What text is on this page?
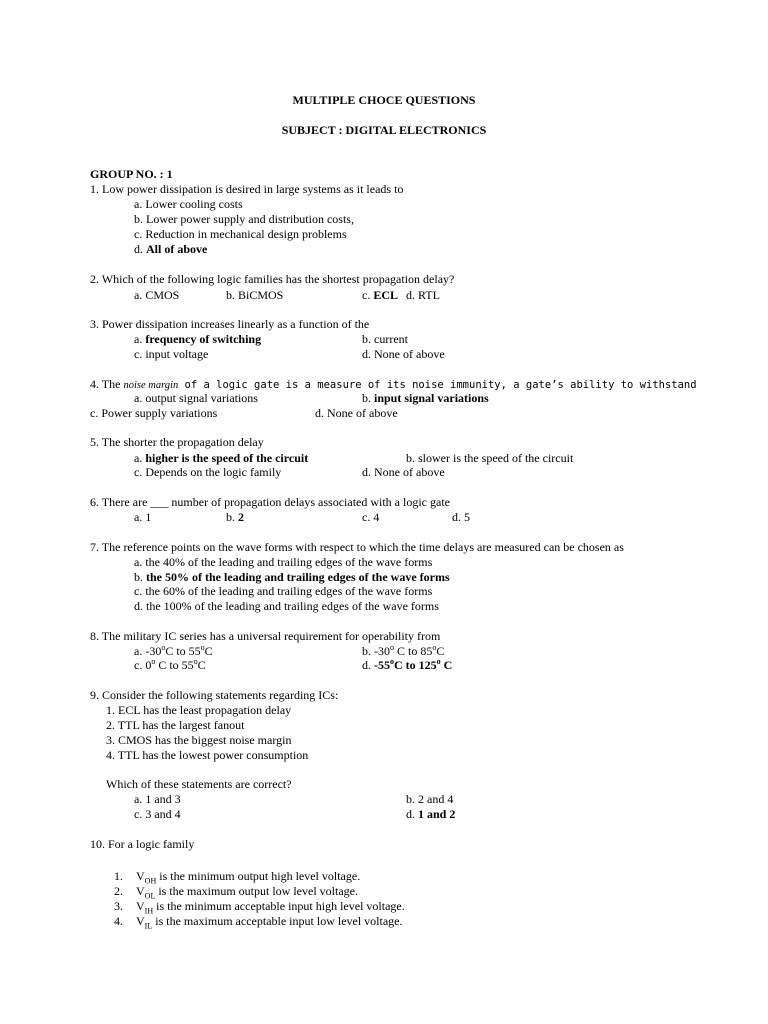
MULTIPLE CHOCE QUESTIONS
SUBJECT : DIGITAL ELECTRONICS
GROUP NO. : 1
1. Low power dissipation is desired in large systems as it leads to
a. Lower cooling costs
b. Lower power supply and distribution costs,
c. Reduction in mechanical design problems
d. All of above
2. Which of the following logic families has the shortest propagation delay?
a. CMOS	b. BiCMOS	c. ECL d. RTL
3. Power dissipation increases linearly as a function of the
a. frequency of switching	b. current
c. input voltage	d. None of above
4. The noise margin of a logic gate is a measure of its noise immunity, a gate’s ability to withstand
a. output signal variations	b. input signal variations
c. Power supply variations	d. None of above
5. The shorter the propagation delay
a. higher is the speed of the circuit	b. slower is the speed of the circuit
c. Depends on the logic family	d. None of above
6. There are ___ number of propagation delays associated with a logic gate
a. 1	b. 2	c. 4	d. 5
7. The reference points on the wave forms with respect to which the time delays are measured can be chosen as
a. the 40% of the leading and trailing edges of the wave forms
b. the 50% of the leading and trailing edges of the wave forms
c. the 60% of the leading and trailing edges of the wave forms
d. the 100% of the leading and trailing edges of the wave forms
8. The military IC series has a universal requirement for operability from
a. -30$^o$C to 55$^o$C	b. -30$^o$ C to 85$^o$C
c. 0$^o$ C to 55$^o$C	d. -55$^o$C to 125$^o$ C
9. Consider the following statements regarding ICs:
1. ECL has the least propagation delay
2. TTL has the largest fanout
3. CMOS has the biggest noise margin
4. TTL has the lowest power consumption
Which of these statements are correct?
a. 1 and 3	b. 2 and 4
c. 3 and 4	d. 1 and 2
10. For a logic family
1. $V_{OH}$ is the minimum output high level voltage.
2. $V_{OL}$ is the maximum output low level voltage.
3. $V_{IH}$ is the minimum acceptable input high level voltage.
4. $V_{IL}$ is the maximum acceptable input low level voltage.
